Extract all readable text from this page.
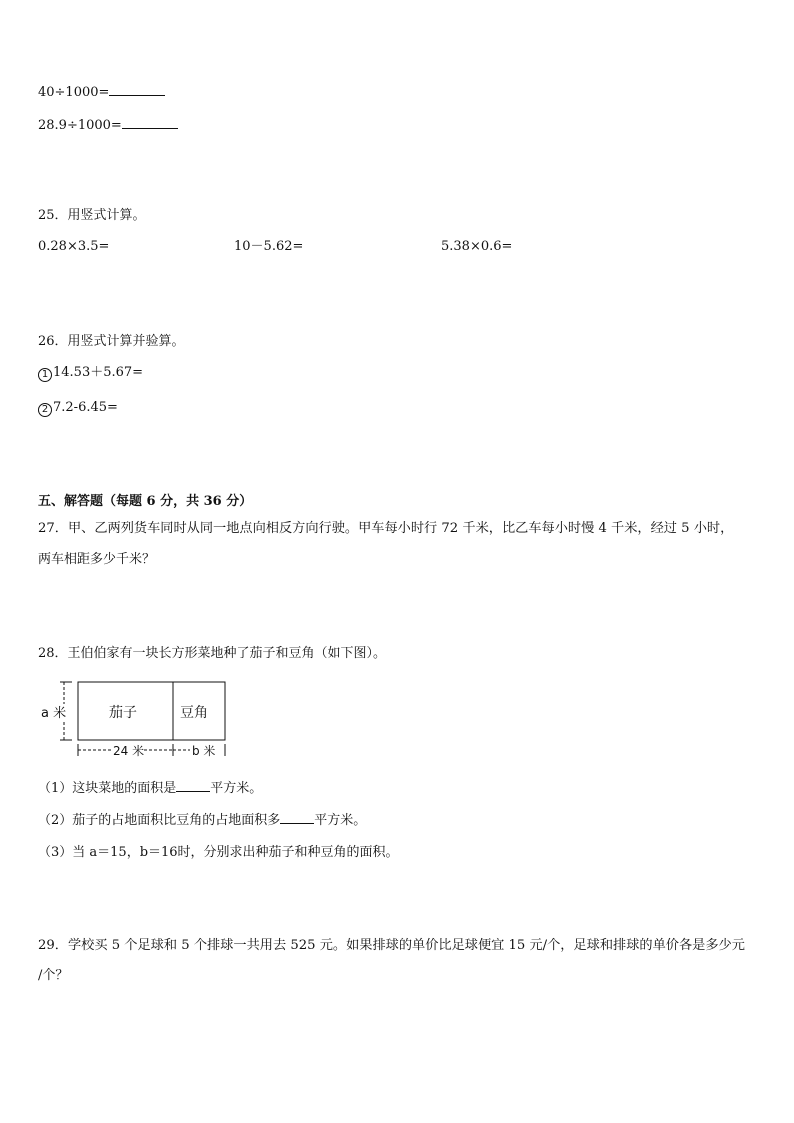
40÷1000=
28.9÷1000=
25．用竖式计算。
0.28×3.5=	10－5.62=	5.38×0.6=
26．用竖式计算并验算。
1 14.53＋5.67=
2 7.2-6.45=
五、解答题（每题 6 分，共 36 分）
27．甲、乙两列货车同时从同一地点向相反方向行驶。甲车每小时行 72 千米，比乙车每小时慢 4 千米，经过 5 小时，
两车相距多少千米？
28．王伯伯家有一块长方形菜地种了茄子和豆角（如下图）。
a 米	茄子	豆角
24 米	b 米
（1）这块菜地的面积是	平方米。
（2）茄子的占地面积比豆角的占地面积多	平方米。
（3）当 a＝15，b＝16时，分别求出种茄子和种豆角的面积。
29．学校买 5 个足球和 5 个排球一共用去 525 元。如果排球的单价比足球便宜 15 元/个，足球和排球的单价各是多少元
/个？
